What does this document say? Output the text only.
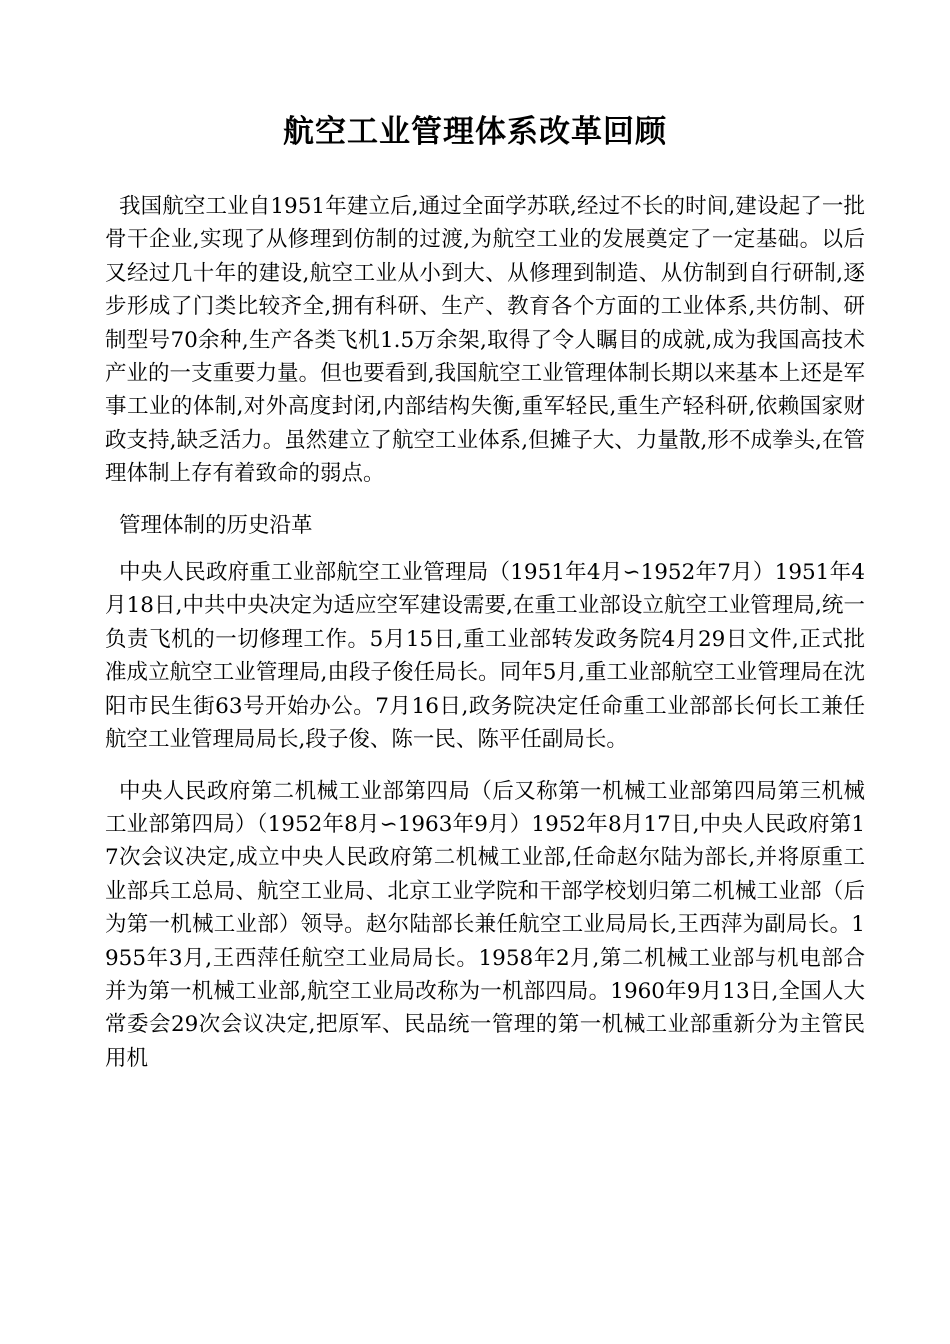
航空工业管理体系改革回顾

我国航空工业自1951年建立后,通过全面学苏联,经过不长的时间,建设起了一批骨干企业,实现了从修理到仿制的过渡,为航空工业的发展奠定了一定基础。以后又经过几十年的建设,航空工业从小到大、从修理到制造、从仿制到自行研制,逐步形成了门类比较齐全,拥有科研、生产、教育各个方面的工业体系,共仿制、研制型号70余种,生产各类飞机1.5万余架,取得了令人瞩目的成就,成为我国高技术产业的一支重要力量。但也要看到,我国航空工业管理体制长期以来基本上还是军事工业的体制,对外高度封闭,内部结构失衡,重军轻民,重生产轻科研,依赖国家财政支持,缺乏活力。虽然建立了航空工业体系,但摊子大、力量散,形不成拳头,在管理体制上存有着致命的弱点。

管理体制的历史沿革

中央人民政府重工业部航空工业管理局（1951年4月∽1952年7月）1951年4月18日,中共中央决定为适应空军建设需要,在重工业部设立航空工业管理局,统一负责飞机的一切修理工作。5月15日,重工业部转发政务院4月29日文件,正式批准成立航空工业管理局,由段子俊任局长。同年5月,重工业部航空工业管理局在沈阳市民生街63号开始办公。7月16日,政务院决定任命重工业部部长何长工兼任航空工业管理局局长,段子俊、陈一民、陈平任副局长。

中央人民政府第二机械工业部第四局（后又称第一机械工业部第四局第三机械工业部第四局）（1952年8月∽1963年9月）1952年8月17日,中央人民政府第17次会议决定,成立中央人民政府第二机械工业部,任命赵尔陆为部长,并将原重工业部兵工总局、航空工业局、北京工业学院和干部学校划归第二机械工业部（后为第一机械工业部）领导。赵尔陆部长兼任航空工业局局长,王西萍为副局长。1955年3月,王西萍任航空工业局局长。1958年2月,第二机械工业部与机电部合并为第一机械工业部,航空工业局改称为一机部四局。1960年9月13日,全国人大常委会29次会议决定,把原军、民品统一管理的第一机械工业部重新分为主管民用机
